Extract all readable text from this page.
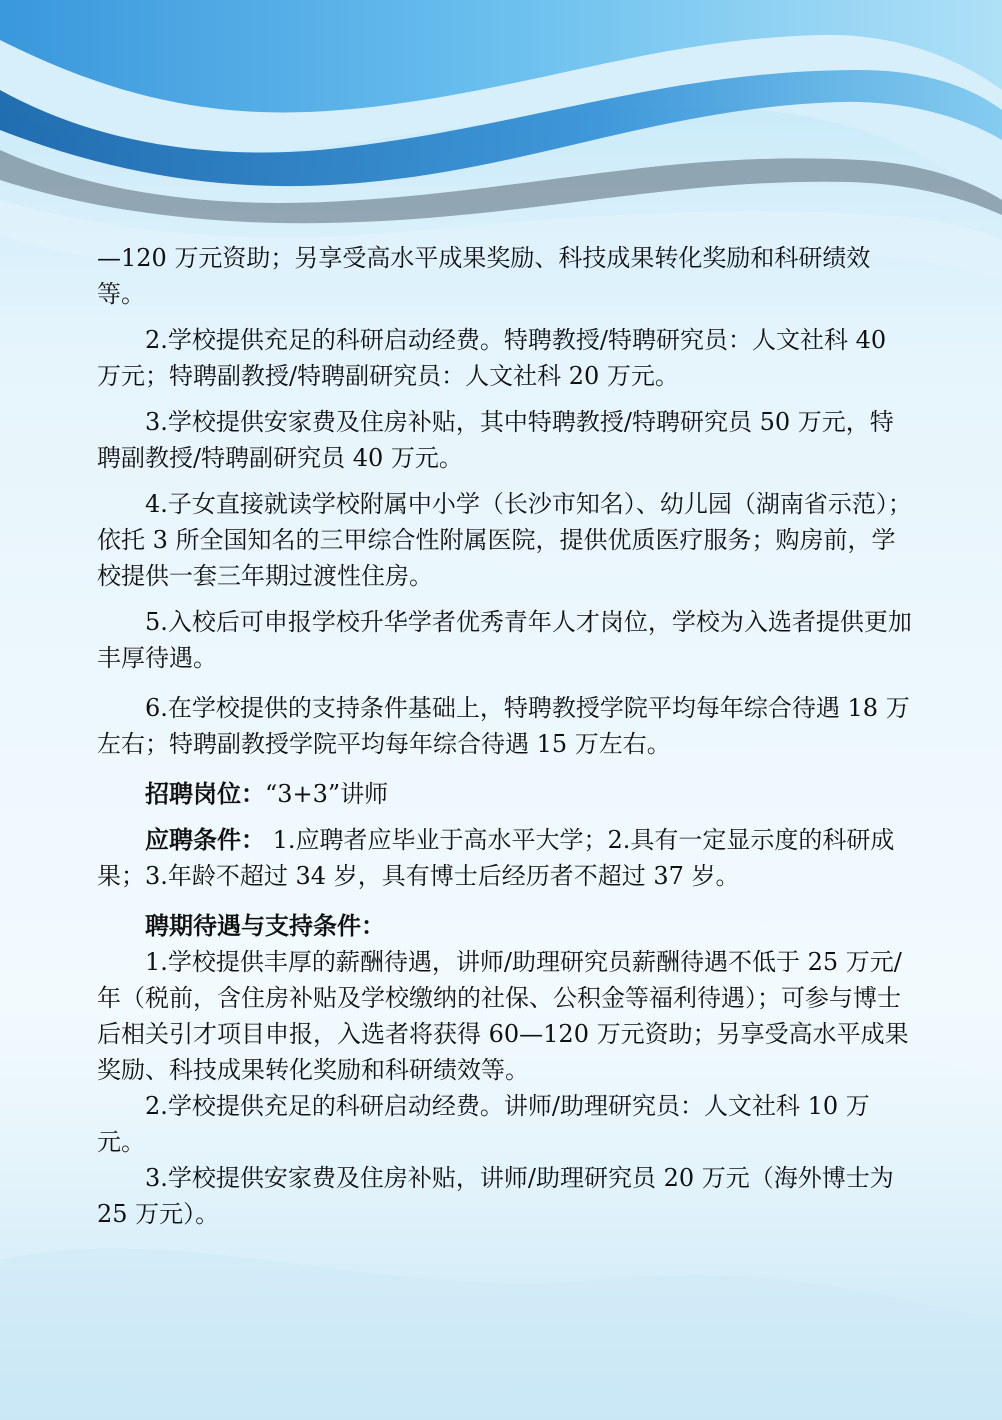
—120 万元资助；另享受高水平成果奖励、科技成果转化奖励和科研绩效等。

2.学校提供充足的科研启动经费。特聘教授/特聘研究员：人文社科 40 万元；特聘副教授/特聘副研究员：人文社科 20 万元。

3.学校提供安家费及住房补贴，其中特聘教授/特聘研究员 50 万元，特聘副教授/特聘副研究员 40 万元。

4.子女直接就读学校附属中小学（长沙市知名）、幼儿园（湖南省示范）；依托 3 所全国知名的三甲综合性附属医院，提供优质医疗服务；购房前，学校提供一套三年期过渡性住房。

5.入校后可申报学校升华学者优秀青年人才岗位，学校为入选者提供更加丰厚待遇。

6.在学校提供的支持条件基础上，特聘教授学院平均每年综合待遇 18 万左右；特聘副教授学院平均每年综合待遇 15 万左右。

招聘岗位：“3+3”讲师

应聘条件： 1.应聘者应毕业于高水平大学；2.具有一定显示度的科研成果；3.年龄不超过 34 岁，具有博士后经历者不超过 37 岁。

聘期待遇与支持条件：

1.学校提供丰厚的薪酬待遇，讲师/助理研究员薪酬待遇不低于 25 万元/年（税前，含住房补贴及学校缴纳的社保、公积金等福利待遇）；可参与博士后相关引才项目申报，入选者将获得 60—120 万元资助；另享受高水平成果奖励、科技成果转化奖励和科研绩效等。

2.学校提供充足的科研启动经费。讲师/助理研究员：人文社科 10 万元。

3.学校提供安家费及住房补贴，讲师/助理研究员 20 万元（海外博士为 25 万元）。
